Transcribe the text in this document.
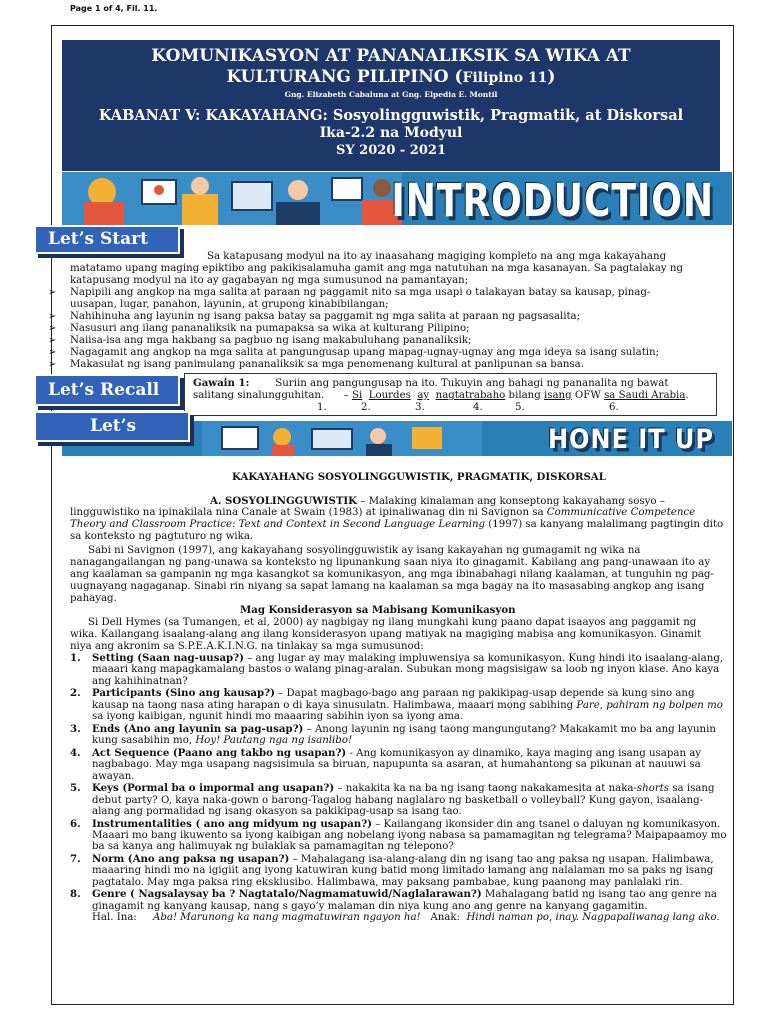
Page 1 of 4, Fil. 11.
KOMUNIKASYON AT PANANALIKSIK SA WIKA AT
KULTURANG PILIPINO (Filipino 11)
Gng. Elizabeth Cabaluna at Gng. Elpedia E. Montil
KABANAT V: KAKAYAHANG: Sosyolingguwistik, Pragmatik, at Diskorsal
Ika-2.2 na Modyul
SY 2020 - 2021
INTRODUCTION
Let’s Start
Sa katapusang modyul na ito ay inaasahang magiging kompleto na ang mga kakayahang
matatamo upang maging epiktibo ang pakikisalamuha gamit ang mga natutuhan na mga kasanayan. Sa pagtalakay ng
katapusang modyul na ito ay gagabayan ng mga sumusunod na pamantayan;
➢ Napipili ang angkop na mga salita at paraan ng paggamit nito sa mga usapi o talakayan batay sa kausap, pinag-
uusapan, lugar, panahon, layunin, at grupong kinabibilangan;
➢ Nahihinuha ang layunin ng isang paksa batay sa paggamit ng mga salita at paraan ng pagsasalita;
➢ Nasusuri ang ilang pananaliksik na pumapaksa sa wika at kulturang Pilipino;
➢ Naiisa-isa ang mga hakbang sa pagbuo ng isang makabuluhang pananaliksik;
➢ Nagagamit ang angkop na mga salita at pangungusap upang mapag-ugnay-ugnay ang mga ideya sa isang sulatin;
➢ Makasulat ng isang panimulang pananaliksik sa mga penomenang kultural at panlipunan sa bansa.
Let’s Recall	Gawain 1:	Suriin ang pangungusap na ito. Tukuyin ang bahagi ng pananalita ng bawat
salitang sinalungguhitan. – Si Lourdes ay nagtatrabaho bilang isang OFW sa Saudi Arabia.
1.	2.	3.	4.	5.	6.
HONE IT UP
Let’s
KAKAYAHANG SOSYOLINGGUWISTIK, PRAGMATIK, DISKORSAL
A. SOSYOLINGGUWISTIK – Malaking kinalaman ang konseptong kakayahang sosyo –
lingguwistiko na ipinakilala nina Canale at Swain (1983) at ipinaliwanag din ni Savignon sa Communicative Competence
Theory and Classroom Practice: Text and Context in Second Language Learning (1997) sa kanyang malalimang pagtingin dito
sa konteksto ng pagtuturo ng wika.
Sabi ni Savignon (1997), ang kakayahang sosyolingguwistik ay isang kakayahan ng gumagamit ng wika na
nanagangailangan ng pang-unawa sa konteksto ng lipunankung saan niya ito ginagamit. Kabilang ang pang-unawaan ito ay
ang kaalaman sa gampanin ng mga kasangkot sa komunikasyon, ang mga ibinabahagi nilang kaalaman, at tunguhin ng pag-
uugnayang nagaganap. Sinabi rin niyang sa sapat lamang na kaalaman sa mga bagay na ito masasabing angkop ang isang
pahayag.
Mag Konsiderasyon sa Mabisang Komunikasyon
Si Dell Hymes (sa Tumangen, et al, 2000) ay nagbigay ng ilang mungkahi kung paano dapat isaayos ang paggamit ng
wika. Kailangang isaalang-alang ang ilang konsiderasyon upang matiyak na magiging mabisa ang komunikasyon. Ginamit
niya ang akronim sa S.P.E.A.K.I.N.G. na tinlakay sa mga sumusunod:
1. Setting (Saan nag-uusap?) – ang lugar ay may malaking impluwensiya sa komunikasyon. Kung hindi ito isaalang-alang, maaari kang mapagkamalang bastos o walang pinag-aralan. Subukan mong magsisigaw sa loob ng inyon klase. Ano kaya ang kahihinatnan?
2. Participants (Sino ang kausap?) – Dapat magbago-bago ang paraan ng pakikipag-usap depende sa kung sino ang kausap na taong nasa ating harapan o di kaya sinusulatn. Halimbawa, maaari mong sabihing Pare, pahiram ng bolpen mo sa iyong kaibigan, ngunit hindi mo maaaring sabihin iyon sa iyong ama.
3. Ends (Ano ang layunin sa pag-usap?) – Anong layunin ng isang taong mangungutang? Makakamit mo ba ang layunin kung sasabihin mo, Hoy! Pautang nga ng isanlibo!
4. Act Sequence (Paano ang takbo ng usapan?) - Ang komunikasyon ay dinamiko, kaya maging ang isang usapan ay nagbabago. May mga usapang nagsisimula sa biruan, napupunta sa asaran, at humahantong sa pikunan at nauuwi sa awayan.
5. Keys (Pormal ba o impormal ang usapan?) – nakakita ka na ba ng isang taong nakakamesita at naka-shorts sa isang debut party? O, kaya naka-gown o barong-Tagalog habang naglalaro ng basketball o volleyball? Kung gayon, isaalang-alang ang pormalidad ng isang okasyon sa pakikipag-usap sa isang tao.
6. Instrumentalities ( ano ang midyum ng usapan?) – Kailangang ikonsider din ang tsanel o daluyan ng komunikasyon. Maaari mo bang ikuwento sa iyong kaibigan ang nobelang iyong nabasa sa pamamagitan ng telegrama? Maipapaamoy mo ba sa kanya ang halimuyak ng bulaklak sa pamamagitan ng telepono?
7. Norm (Ano ang paksa ng usapan?) – Mahalagang isa-alang-alang din ng isang tao ang paksa ng usapan. Halimbawa, maaaring hindi mo na igigiit ang iyong katuwiran kung batid mong limitado lamang ang nalalaman mo sa paks ng isang pagtatalo. May mga paksa ring eksklusibo. Halimbawa, may paksang pambabae, kung paanong may panlalaki rin.
8. Genre ( Nagsalaysay ba ? Nagtatalo/Nagmamatuwid/Naglalarawan?) Mahalagang batid ng isang tao ang genre na ginagamit ng kanyang kausap, nang s gayo’y malaman din niya kung ano ang genre na kanyang gagamitin.
Hal. Ina: Aba! Marunong ka nang magmatuwiran ngayon ha! Anak: Hindi naman po, inay. Nagpapaliwanag lang ako.
